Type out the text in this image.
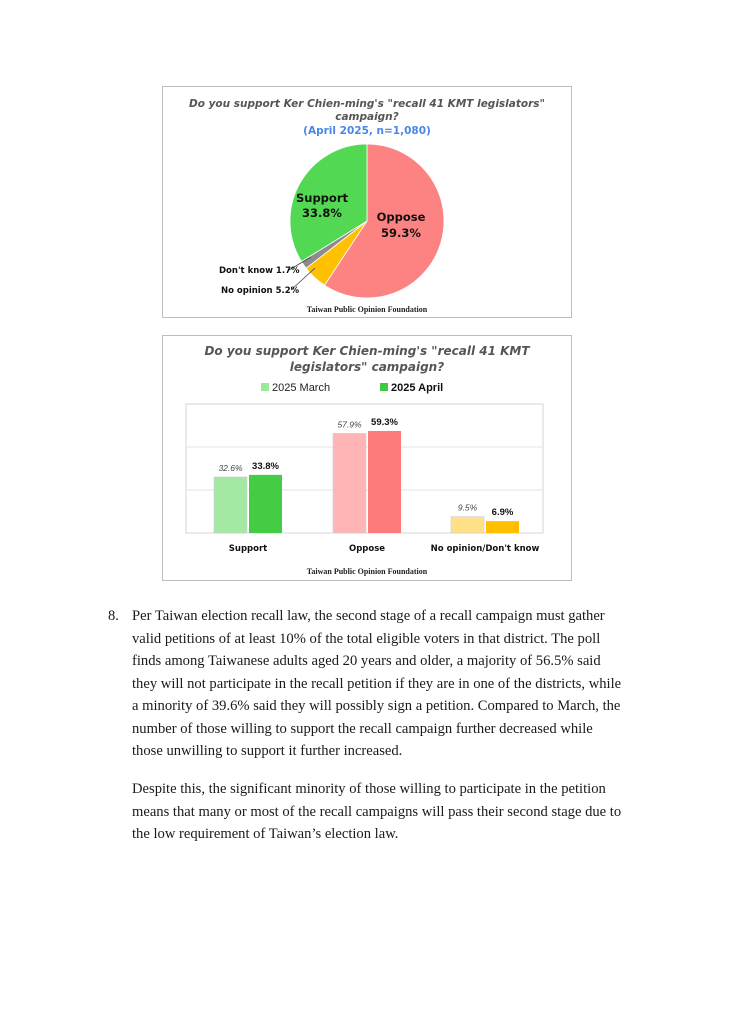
Do you support Ker Chien-ming's "recall 41 KMT legislators"
campaign?
(April 2025, n=1,080)
Support
33.8%	Oppose
59.3%
Don't know 1.7%
No opinion 5.2%
Taiwan Public Opinion Foundation
Do you support Ker Chien-ming's "recall 41 KMT
legislators" campaign?
2025 March	2025 April
32.6% 33.8%
Support
57.9% 59.3%
Oppose
9.5% 6.9%
No opinion/Don't know
Taiwan Public Opinion Foundation
8. Per Taiwan election recall law, the second stage of a recall campaign must gather valid petitions of at least 10% of the total eligible voters in that district. The poll finds among Taiwanese adults aged 20 years and older, a majority of 56.5% said they will not participate in the recall petition if they are in one of the districts, while a minority of 39.6% said they will possibly sign a petition. Compared to March, the number of those willing to support the recall campaign further decreased while those unwilling to support it further increased.

Despite this, the significant minority of those willing to participate in the petition means that many or most of the recall campaigns will pass their second stage due to the low requirement of Taiwan’s election law.
